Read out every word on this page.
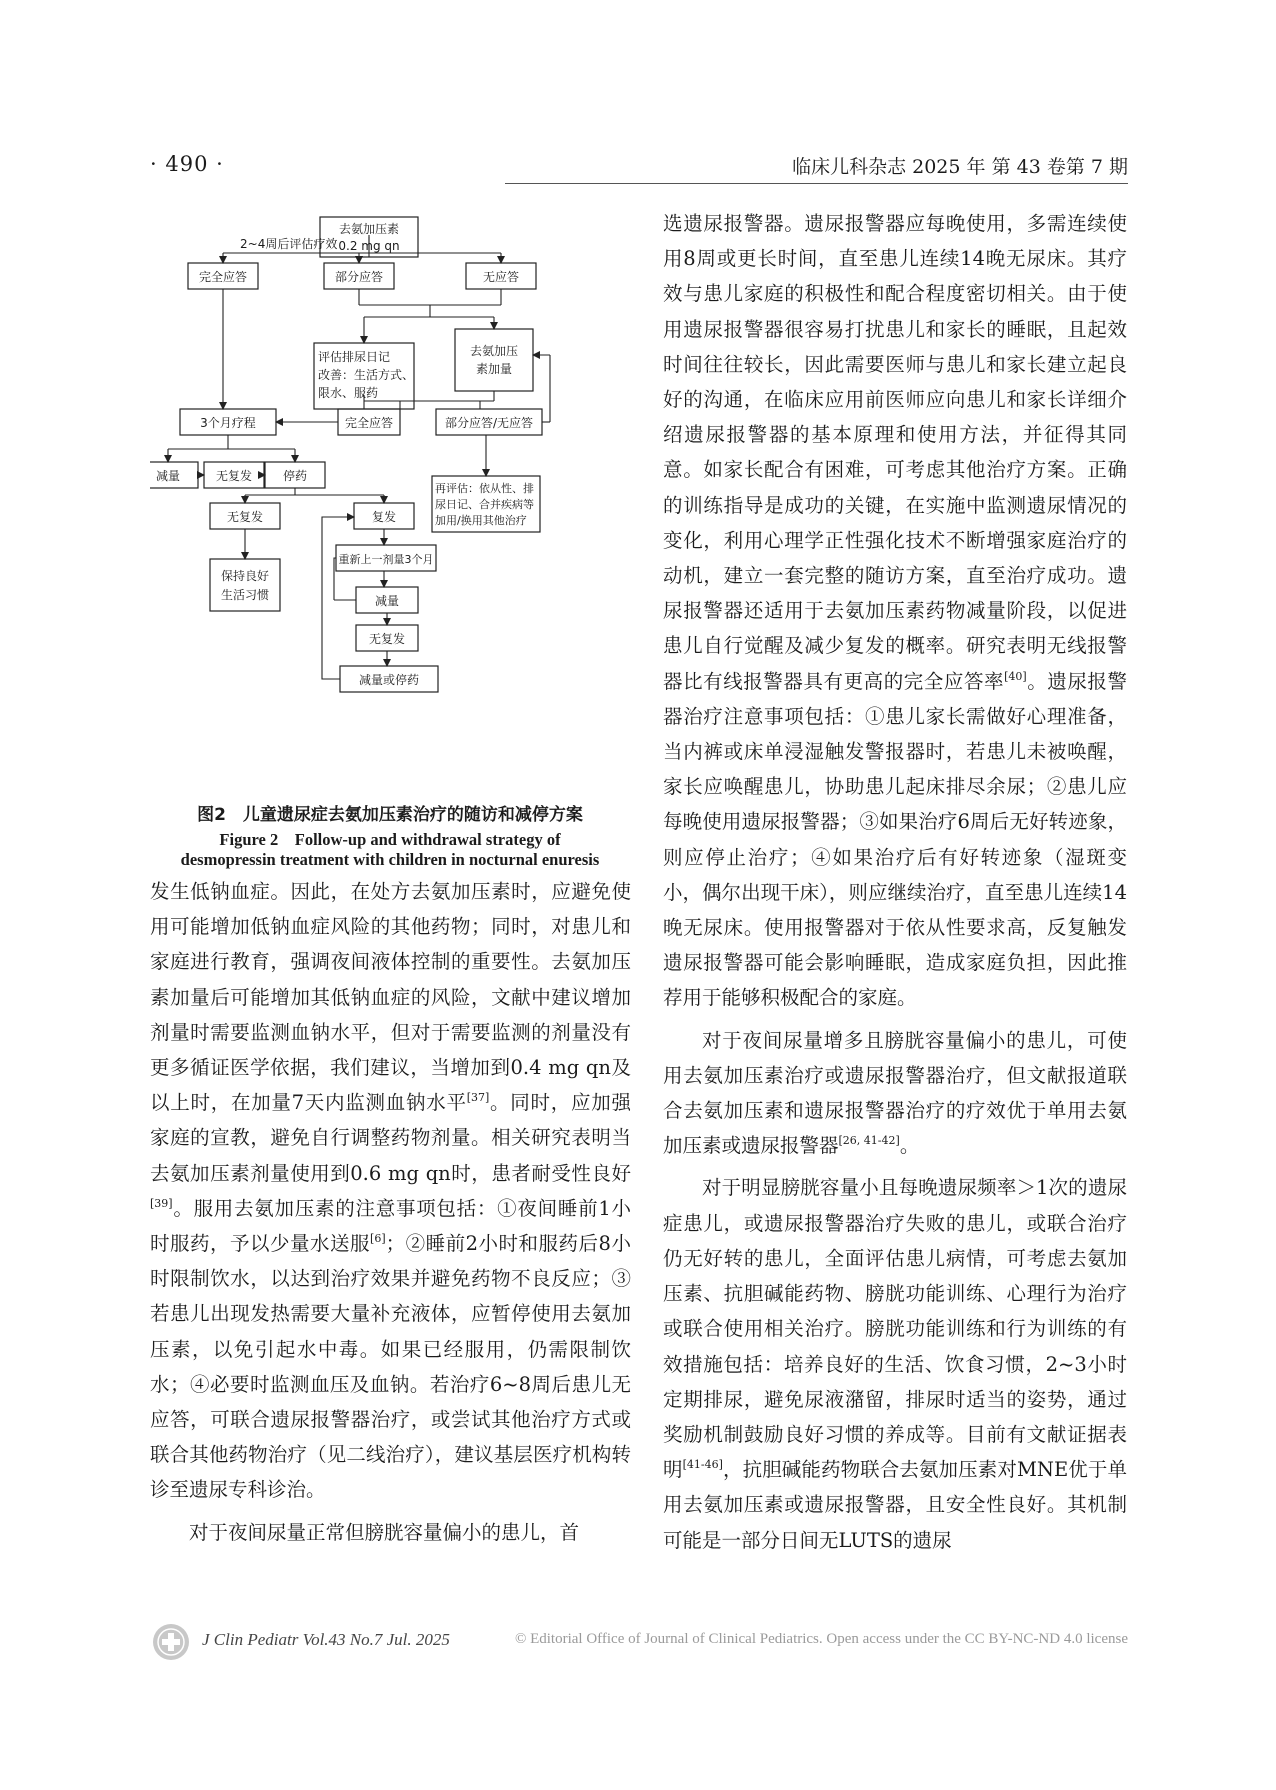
· 490 ·	临床儿科杂志 2025 年 第 43 卷第 7 期
去氨加压素
0.2 mg qn
2~4周后评估疗效
完全应答	部分应答	无应答
评估排尿日记
改善：生活方式、
限水、服药
去氨加压
素加量
3个月疗程	完全应答	部分应答/无应答
减量	无复发	停药
再评估：依从性、排
尿日记、合并疾病等
加用/换用其他治疗
无复发	复发
保持良好
生活习惯
重新上一剂量3个月
减量
无复发
减量或停药
图2　儿童遗尿症去氨加压素治疗的随访和减停方案
Figure 2　Follow-up and withdrawal strategy of
desmopressin treatment with children in nocturnal enuresis

发生低钠血症。因此，在处方去氨加压素时，应避免使用可能增加低钠血症风险的其他药物；同时，对患儿和家庭进行教育，强调夜间液体控制的重要性。去氨加压素加量后可能增加其低钠血症的风险，文献中建议增加剂量时需要监测血钠水平，但对于需要监测的剂量没有更多循证医学依据，我们建议，当增加到0.4 mg qn及以上时，在加量7天内监测血钠水平[37]。同时，应加强家庭的宣教，避免自行调整药物剂量。相关研究表明当去氨加压素剂量使用到0.6 mg qn时，患者耐受性良好[39]。服用去氨加压素的注意事项包括：①夜间睡前1小时服药，予以少量水送服[6]；②睡前2小时和服药后8小时限制饮水，以达到治疗效果并避免药物不良反应；③若患儿出现发热需要大量补充液体，应暂停使用去氨加压素，以免引起水中毒。如果已经服用，仍需限制饮水；④必要时监测血压及血钠。若治疗6~8周后患儿无应答，可联合遗尿报警器治疗，或尝试其他治疗方式或联合其他药物治疗（见二线治疗），建议基层医疗机构转诊至遗尿专科诊治。

对于夜间尿量正常但膀胱容量偏小的患儿，首

选遗尿报警器。遗尿报警器应每晚使用，多需连续使用8周或更长时间，直至患儿连续14晚无尿床。其疗效与患儿家庭的积极性和配合程度密切相关。由于使用遗尿报警器很容易打扰患儿和家长的睡眠，且起效时间往往较长，因此需要医师与患儿和家长建立起良好的沟通，在临床应用前医师应向患儿和家长详细介绍遗尿报警器的基本原理和使用方法，并征得其同意。如家长配合有困难，可考虑其他治疗方案。正确的训练指导是成功的关键，在实施中监测遗尿情况的变化，利用心理学正性强化技术不断增强家庭治疗的动机，建立一套完整的随访方案，直至治疗成功。遗尿报警器还适用于去氨加压素药物减量阶段，以促进患儿自行觉醒及减少复发的概率。研究表明无线报警器比有线报警器具有更高的完全应答率[40]。遗尿报警器治疗注意事项包括：①患儿家长需做好心理准备，当内裤或床单浸湿触发警报器时，若患儿未被唤醒，家长应唤醒患儿，协助患儿起床排尽余尿；②患儿应每晚使用遗尿报警器；③如果治疗6周后无好转迹象，则应停止治疗；④如果治疗后有好转迹象（湿斑变小，偶尔出现干床），则应继续治疗，直至患儿连续14晚无尿床。使用报警器对于依从性要求高，反复触发遗尿报警器可能会影响睡眠，造成家庭负担，因此推荐用于能够积极配合的家庭。

对于夜间尿量增多且膀胱容量偏小的患儿，可使用去氨加压素治疗或遗尿报警器治疗，但文献报道联合去氨加压素和遗尿报警器治疗的疗效优于单用去氨加压素或遗尿报警器[26, 41-42]。

对于明显膀胱容量小且每晚遗尿频率＞1次的遗尿症患儿，或遗尿报警器治疗失败的患儿，或联合治疗仍无好转的患儿，全面评估患儿病情，可考虑去氨加压素、抗胆碱能药物、膀胱功能训练、心理行为治疗或联合使用相关治疗。膀胱功能训练和行为训练的有效措施包括：培养良好的生活、饮食习惯，2~3小时定期排尿，避免尿液潴留，排尿时适当的姿势，通过奖励机制鼓励良好习惯的养成等。目前有文献证据表明[41-46]，抗胆碱能药物联合去氨加压素对MNE优于单用去氨加压素或遗尿报警器，且安全性良好。其机制可能是一部分日间无LUTS的遗尿

J Clin Pediatr Vol.43 No.7 Jul. 2025	© Editorial Office of Journal of Clinical Pediatrics. Open access under the CC BY-NC-ND 4.0 license
